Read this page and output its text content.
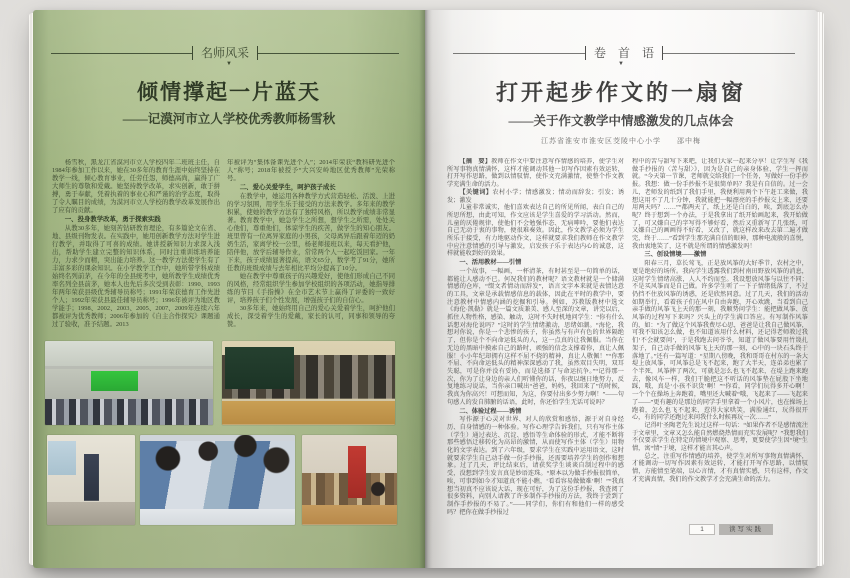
名师风采
▼
倾情撑起一片蓝天
——记漠河市立人学校优秀教师杨雪秋

杨雪秋，黑龙江省漠河市立人学校四年二班班主任，自1984年参加工作以来，她在30多年的教育生涯中始终坚持在教学一线，倾心教育事业，任劳任怨，师德高尚，赢得了广大师生的尊敬和爱戴。她坚持教学改革，求实创新，敢于拼搏，勇于奉献，凭着执着的事业心和严谨的治学态度，取得了令人瞩目的成绩，为漠河市立人学校的教学改革发展作出了应有的贡献。

一、投身教学改革，勇于探索实践

从教30多年，她刻苦钻研教育理论，有多篇论文在省、地、县级刊物发表。在实践中，她用创新教学方法对学生进行教学，并取得了可喜的成绩。她讲授新知识力求深入浅出，帮助学生建立完整的知识体系，同时注重训练培养能力，力求少而精，突出能力培养。这一教学方法使学生有了丰富多彩的课余知识。在小学教学工作中，她所带学科成绩始终名列前茅，在今年的全县统考中，她所教学生成绩优秀率名列全县前茅，她本人也先后多次受到表彰：1990、1993年两年荣获县级优秀辅导员称号；1991年荣获德育工作先进个人；1992年荣获县最佳辅导员称号；1996年被评为地区教学能手；1998、2002、2003、2005、2007、2009年连续六年都被评为优秀教师；2006年参加的《自主合作探究》课题通过了验收，准予结题。2013

年被评为“集体备课先进个人”；2014年荣获“教科研先进个人”称号；2018年被授予“大兴安岭地区优秀教师”光荣称号。

二、爱心关爱学生，呵护孩子成长

在教学中，她运用各种教学方式营造轻松、活泼、上进的学习氛围，用学生乐于接受的方法来教学。多年来的教学积累，使她的教学方法有了独特风格，所以教学成绩非常显著。教育教学中，她急学生之所想，想学生之所需，处处关心他们，尊重他们，体谅学生的疾苦，做学生的知心朋友。班里曾有一位离异家庭的小男孩，父母离异后跟着年迈的奶奶生活，家离学校一公里，杨老师接班以来，每天看护他，陪伴他，放学后辅导作业，常常两个人一起吃饭回家。一年下来，孩子成绩显著提高，语文65分，数学考了91分，她所任教的班级成绩与去年相比平均分提高了10分。

她在教学中尊重孩子的兴趣爱好，使他们形成自己不同的风格，经常组织学生参加学校组织的各项活动，她指导排练的节目《手指操》在全市艺术节上赢得了评委的一致好评，培养孩子们个性发展，增强孩子们的自信心。

30多年来，她始终用自己的爱心关爱着学生，呵护他们成长，深受着学生的爱戴，家长的认可，同事和领导的夸赞。

卷　首　语
▼
打开起步作文的一扇窗
——关于作文教学中情感激发的几点体会
江苏省淮安市淮安区茭陵中心小学　　邵中梅

【摘　要】教师在作文中要注意写作情感的培养，使学生对所写事物真情满怀，这样才能调动其他一切写作因素有效运转，打开写作思路，做到以情驭情，使作文充满激情，使整个作文教学充满生命的活力。

【关键词】农村小学；情感激发；情动而辞发；引发；诱发；激发

儿童非常诚实，他们喜欢表达自己的所见所闻，表白自己的所思所想，由此可知，作文应该是学生喜爱的学习活动。然而，儿童的厌倦规律，使他们不会勉强作态、无病呻吟，要他们表达自己无动于衷的事物，便很难奏效。因此，作文教学必须为学生所乐于接受，有力地驱动作文，这样就要求我们教师在作文教学中应注意情感的引导与激发，启发孩子乐于表达内心的诚意，这样就能收到好的效果。

一、活用教材——引情

一个故事，一幅画，一杯清茶，有时甚至是一句简单的话，都能让人感动不已。何况我们的教材呢？语文教材就是一个储满情感的仓库，“缀文者情动而辞发”，语言文字本来就是表情达意的工具，文章是承载情感信息的载体，因此在平时的教学中，要注意教材中情感内涵的挖掘和引导。例如，苏教版教材中选文《海伦·凯勒》就是一篇文质兼美、感人至深的文章，讲完以后，抓住人物性格，感染、触动，这时不失时机地问学生：“你有什么话想对海伦说吗？”这时的学生情绪激动，思绪如潮。“海伦，我想对你说，你是一个悲惨的孩子，你虽然与有声有色的世界隔绝了，但你是个不向命运低头的人，这一点真的让我佩服。当你在无边的黑暗中摸索自己的路时，顽强的信念支撑着你，真让人佩服！小小年纪却拥有这样不屈不挠的精神，真让人敬佩！”“你那不屈、不向命运低头的精神深深感动了我，虽然双目失明，双耳失聪，可是你并没有妥协，而是选择了与命运抗争。”“记得那一次，你为了让身边的亲人们听懂你的话，你夜以继日地努力，反复地练习说话，当你亲口喊出“爸爸，妈妈，我回来了”的时候，我真为你高兴！可想而知，为这，你要付出多少努力啊！”——句句感人的发自肺腑的话语，此时，你还怕学生无话可说吗？

二、体验过程——诱情

写作源于心灵对世界、对人的欣赏和感悟，源于对自身经历、自身情感的一种体验。写作心理学告诉我们，只有写作主体（学生）通过表达、沉淀、感悟等生命体验的形式，才能不断将那些感悟迁移转化为高昂的激情，从而使写作主体（学生）用物化的文字表达。到了六年级，要求学生在实践中运用语文，这时就要求学生自己动手做一份手抄报，还需要培养学生的创作和想象。过了几天，评比结束后，请获奖学生谈谈自制过程中的感受，没想到学生发言真是妙语连珠。“原本以为做手抄报很简单，唉，可事到如今才知道真不能小瞧，‘看看容易做做难’啊！”“我真想当初真不应该说大话，现在可好，为了这份手抄报，我查阅了很多资料，向别人请教了许多制作手抄报的方法，我终于尝到了制作手抄报的不易了。”——同学们，你们有和他们一样的感受吗？把你在做手抄报过

程中的苦与甜写下来吧，让我们大家一起来分享！让学生写《我做手抄报的〈苦与甜〉》，因为是自己的亲身体验，学生一挥而就。“今天第一节课，老师就交给我们一个任务，写做好一份手抄报。我想：做一份手抄报不是很简单吗？我是有自信的。过一会儿，老师发的纸到了我们手里，我便利用两个下午赶工来做，我想这用不了几十分钟，我就能把一幅漂亮的手抄报交上来，还要用两天吗？……”“都两天了，纸上还是白白的，唉，到底怎么办呢？终于想到一个办法，于是我拿出了纸开始画起来，我开始做了，可又嫌自己的字写得不够好看，然后又重新写了几张纸，可又嫌自己的画画得不好看，又改了，就这样改来改去第二遍才做完，终于……”看到学生那充满自信的眼神，那种电流般的喜悦，我由衷地笑了，这不就是所谓的情感激发吗！

三、创设情境——激情

阳春三月，草长莺飞，正是放风筝的大好季节，农村之中，更是绝好的场所。我向学生透露我们到村南田野放风筝的消息，这时学生情绪高涨，人人不约而至。我设想放风筝与以往不同：不是买风筝而是自己做。许多学生听了一下子情绪低落了，不过仍挡不住放风筝的诱惑，还是欣然同意。过了几天，我们的活动如期举行，看着孩子们在风中自由奔跑、开心欢跳，当看到自己亲手做的风筝飞上天的那一刻，我顺势问学生：能把做风筝、放风筝的过程写下来吗？兴头上的学生满口答应。有写制作风筝的，如：“为了做这个风筝我费尽心思，爸爸是让我自己做风筝，可我不知该怎么做，也不知道该用什么材料，还记得老师教过我们‘不会就要问’，于是我跑去问爷爷，知道了做风筝要用竹篾扎架子，自己动手做的风筝飞上天的那一刻，心中的一块石头终于落地了。”还有一篇写道：“星期八傍晚，我和哥哥在村东的一条大堤上放风筝，可风筝总是飞不起来，跑了大半天，连弟弟也累了个半死，风筝摔了两次，可就是怎么也飞不起来，在堤上跑来跑去，像风车一样，我们干脆把这不听话的风筝垫在屁股下坐地踩，哦，真是‘小孩不识货’啊！”“你看，同学们玩得多开心啊！一个个在操场上奔跑着，嘴里还大喊着“哦，飞起来了——飞起来了——”更有趣的是那边的同学手里拿着一个小风片，也在操场上跑着，怎么也飞不起来，惹得大家哄笑，满脸通红，玩得很开心，有的同学还跑过来问我什么时候再玩一次……”

记得叶圣陶老先生说过这样一句话：“如果作者不是感情流注于文章里，文章又怎么能自然燃烧热情而充实发展呢？”我想我们不仅要求学生在特定的情境中观察、思考，更要使学生因“境”生情，寓“情”于境，这样才能言其心声。

总之，注重写作情感的培养，使学生对所写事物真情满怀，才能调动一切写作因素有效运转，才能打开写作思路，以情驭情，方能情至笔端，以心言情，才有真情实感，只有这样，作文才充满真情，我们的作文教学才会充满生命的活力。

1	读写实践
